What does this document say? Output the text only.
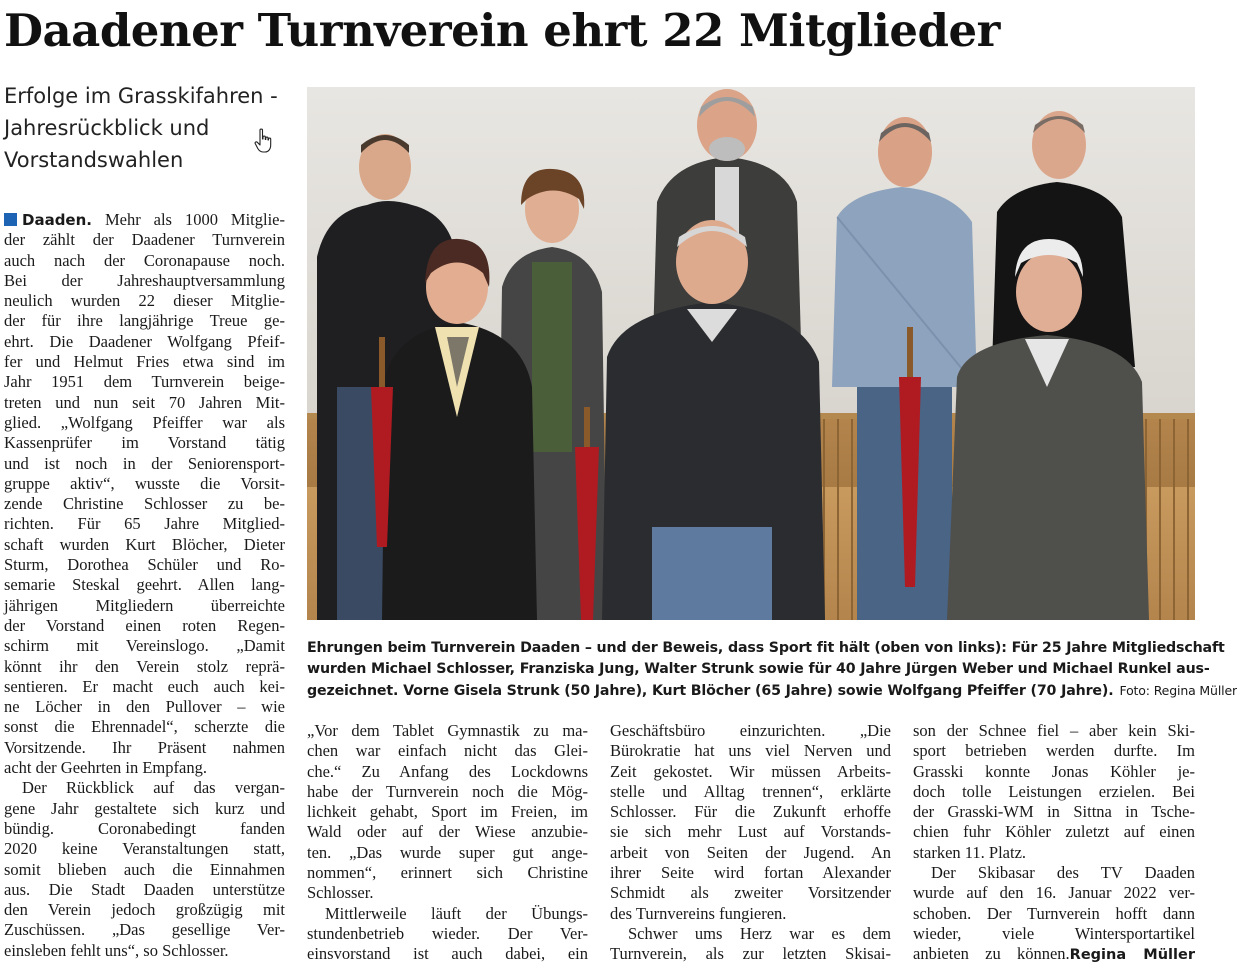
Daadener Turnverein ehrt 22 Mitglieder
Erfolge im Grasskifahren -
Jahresrückblick und
Vorstandswahlen
Ehrungen beim Turnverein Daaden – und der Beweis, dass Sport fit hält (oben von links): Für 25 Jahre Mitgliedschaft
wurden Michael Schlosser, Franziska Jung, Walter Strunk sowie für 40 Jahre Jürgen Weber und Michael Runkel aus-
gezeichnet. Vorne Gisela Strunk (50 Jahre), Kurt Blöcher (65 Jahre) sowie Wolfgang Pfeiffer (70 Jahre). Foto: Regina Müller
Daaden. Mehr als 1000 Mitglie-
der zählt der Daadener Turnverein
auch nach der Coronapause noch.
Bei der Jahreshauptversammlung
neulich wurden 22 dieser Mitglie-
der für ihre langjährige Treue ge-
ehrt. Die Daadener Wolfgang Pfeif-
fer und Helmut Fries etwa sind im
Jahr 1951 dem Turnverein beige-
treten und nun seit 70 Jahren Mit-
glied. „Wolfgang Pfeiffer war als
Kassenprüfer im Vorstand tätig
und ist noch in der Seniorensport-
gruppe aktiv“, wusste die Vorsit-
zende Christine Schlosser zu be-
richten. Für 65 Jahre Mitglied-
schaft wurden Kurt Blöcher, Dieter
Sturm, Dorothea Schüler und Ro-
semarie Steskal geehrt. Allen lang-
jährigen Mitgliedern überreichte
der Vorstand einen roten Regen-
schirm mit Vereinslogo. „Damit
könnt ihr den Verein stolz reprä-
sentieren. Er macht euch auch kei-
ne Löcher in den Pullover – wie
sonst die Ehrennadel“, scherzte die
Vorsitzende. Ihr Präsent nahmen
acht der Geehrten in Empfang.
Der Rückblick auf das vergan-
gene Jahr gestaltete sich kurz und
bündig. Coronabedingt fanden
2020 keine Veranstaltungen statt,
somit blieben auch die Einnahmen
aus. Die Stadt Daaden unterstütze
den Verein jedoch großzügig mit
Zuschüssen. „Das gesellige Ver-
einsleben fehlt uns“, so Schlosser.
„Vor dem Tablet Gymnastik zu ma-
chen war einfach nicht das Glei-
che.“ Zu Anfang des Lockdowns
habe der Turnverein noch die Mög-
lichkeit gehabt, Sport im Freien, im
Wald oder auf der Wiese anzubie-
ten. „Das wurde super gut ange-
nommen“, erinnert sich Christine
Schlosser.
Mittlerweile läuft der Übungs-
stundenbetrieb wieder. Der Ver-
einsvorstand ist auch dabei, ein
Geschäftsbüro einzurichten. „Die
Bürokratie hat uns viel Nerven und
Zeit gekostet. Wir müssen Arbeits-
stelle und Alltag trennen“, erklärte
Schlosser. Für die Zukunft erhoffe
sie sich mehr Lust auf Vorstands-
arbeit von Seiten der Jugend. An
ihrer Seite wird fortan Alexander
Schmidt als zweiter Vorsitzender
des Turnvereins fungieren.
Schwer ums Herz war es dem
Turnverein, als zur letzten Skisai-
son der Schnee fiel – aber kein Ski-
sport betrieben werden durfte. Im
Grasski konnte Jonas Köhler je-
doch tolle Leistungen erzielen. Bei
der Grasski-WM in Sittna in Tsche-
chien fuhr Köhler zuletzt auf einen
starken 11. Platz.
Der Skibasar des TV Daaden
wurde auf den 16. Januar 2022 ver-
schoben. Der Turnverein hofft dann
wieder, viele Wintersportartikel
anbieten zu können.Regina Müller
